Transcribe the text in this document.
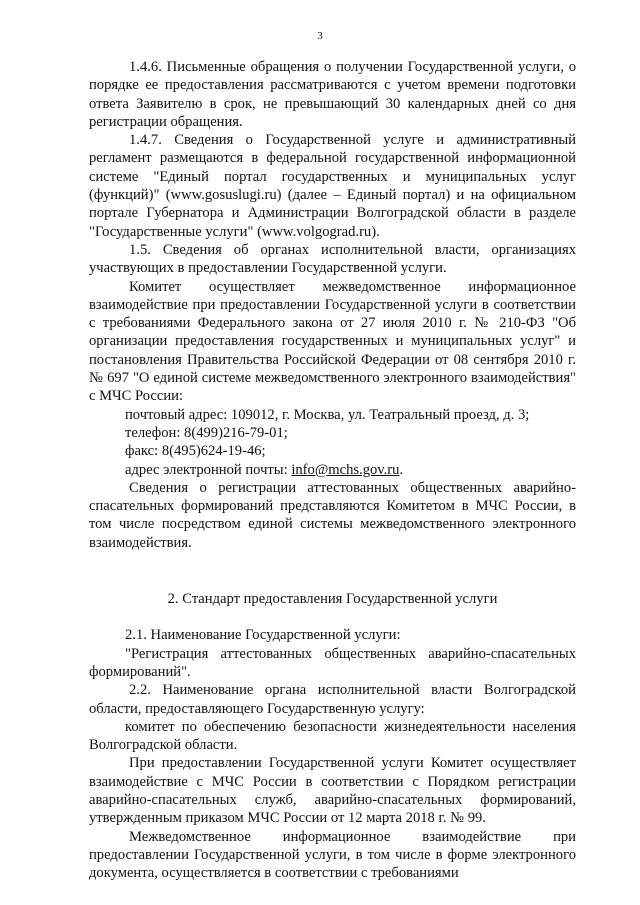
3

1.4.6. Письменные обращения о получении Государственной услуги, о порядке ее предоставления рассматриваются с учетом времени подготовки ответа Заявителю в срок, не превышающий 30 календарных дней со дня регистрации обращения.

1.4.7. Сведения о Государственной услуге и административный регламент размещаются в федеральной государственной информационной системе "Единый портал государственных и муниципальных услуг (функций)" (www.gosuslugi.ru) (далее – Единый портал) и на официальном портале Губернатора и Администрации Волгоградской области в разделе "Государственные услуги" (www.volgograd.ru).

1.5. Сведения об органах исполнительной власти, организациях участвующих в предоставлении Государственной услуги.

Комитет осуществляет межведомственное информационное взаимодействие при предоставлении Государственной услуги в соответствии с требованиями Федерального закона от 27 июля 2010 г. № 210-ФЗ "Об организации предоставления государственных и муниципальных услуг" и постановления Правительства Российской Федерации от 08 сентября 2010 г. № 697 "О единой системе межведомственного электронного взаимодействия" с МЧС России:

почтовый адрес: 109012, г. Москва, ул. Театральный проезд, д. 3;

телефон: 8(499)216-79-01;

факс: 8(495)624-19-46;

адрес электронной почты: info@mchs.gov.ru.

Сведения о регистрации аттестованных общественных аварийно-спасательных формирований представляются Комитетом в МЧС России, в том числе посредством единой системы межведомственного электронного взаимодействия.

2. Стандарт предоставления Государственной услуги

2.1. Наименование Государственной услуги:

"Регистрация аттестованных общественных аварийно-спасательных формирований".

2.2. Наименование органа исполнительной власти Волгоградской области, предоставляющего Государственную услугу:

комитет по обеспечению безопасности жизнедеятельности населения Волгоградской области.

При предоставлении Государственной услуги Комитет осуществляет взаимодействие с МЧС России в соответствии с Порядком регистрации аварийно-спасательных служб, аварийно-спасательных формирований, утвержденным приказом МЧС России от 12 марта 2018 г. № 99.

Межведомственное информационное взаимодействие при предоставлении Государственной услуги, в том числе в форме электронного документа, осуществляется в соответствии с требованиями
